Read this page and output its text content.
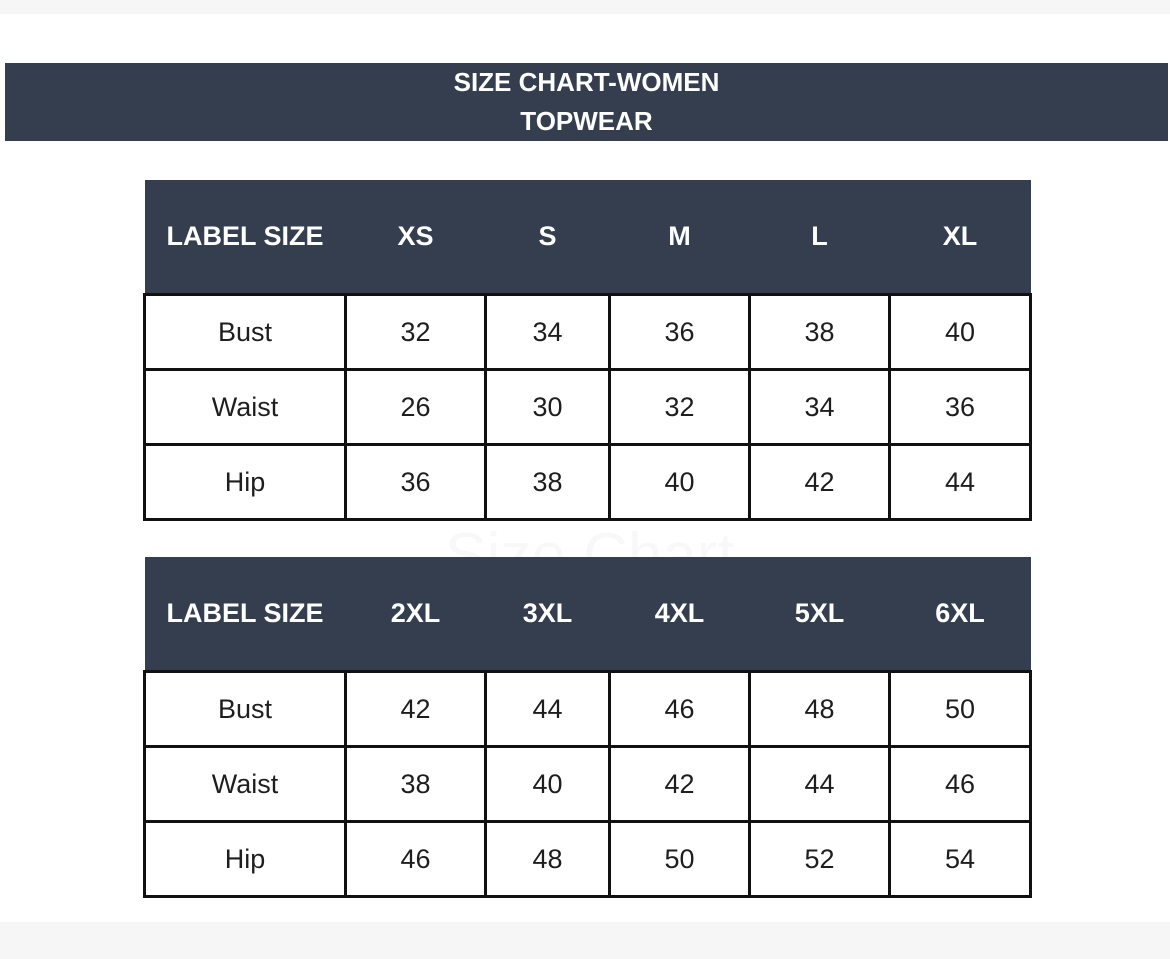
SIZE CHART-WOMEN
TOPWEAR
LABEL SIZE	XS	S	M	L	XL
Bust	32	34	36	38	40
Waist	26	30	32	34	36
Hip	36	38	40	42	44
LABEL SIZE	2XL	3XL	4XL	5XL	6XL
Bust	42	44	46	48	50
Waist	38	40	42	44	46
Hip	46	48	50	52	54
